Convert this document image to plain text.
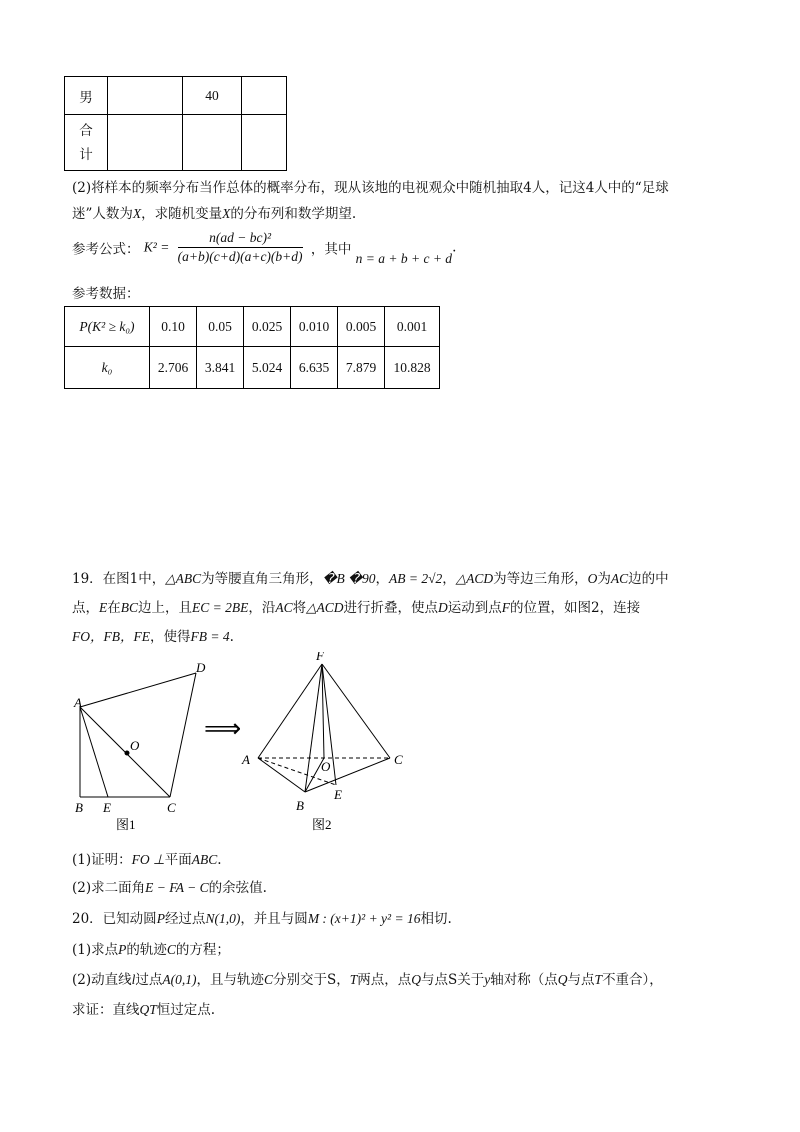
男		40	
合
计			
(2)将样本的频率分布当作总体的概率分布，现从该地的电视观众中随机抽取4人，记这4人中的“足球
迷”人数为X，求随机变量X的分布列和数学期望.
参考公式： $K^2 = \frac{\text{n(ad − bc)²}}{(a+b)(c+d)(a+c)(b+d)}$ ，其中 n = a + b + c + d.
参考数据：
P(K² ≥ k₀)	0.10	0.05	0.025	0.010	0.005	0.001
k₀	2.706	3.841	5.024	6.635	7.879	10.828
19．在图1中，△ABC为等腰直角三角形，�B �90，AB = 2√2，△ACD为等边三角形，O为AC边的中
点，E在BC边上，且EC = 2BE，沿AC将△ACD进行折叠，使点D运动到点F的位置，如图2，连接
FO，FB，FE，使得FB = 4.
A
D
O
B E	C
图1
⟹
F
A	C
O
E
B
图2
(1)证明：FO ⊥平面ABC.
(2)求二面角E − FA − C的余弦值.
20．已知动圆P经过点N(1,0)，并且与圆M : (x+1)² + y² = 16相切.
(1)求点P的轨迹C的方程；
(2)动直线l过点A(0,1)，且与轨迹C分别交于S，T两点，点Q与点S关于y轴对称（点Q与点T不重合），
求证：直线QT恒过定点.
